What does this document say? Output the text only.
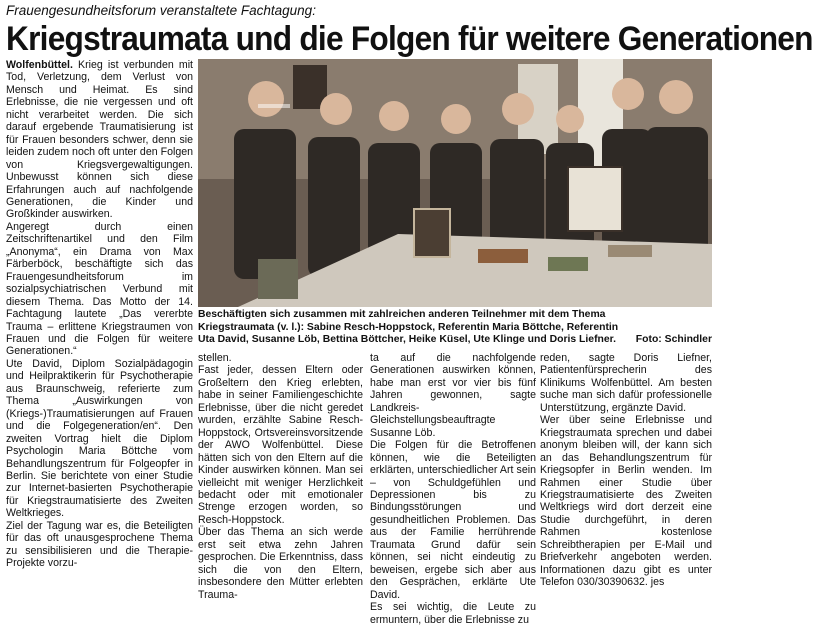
Frauengesundheitsforum veranstaltete Fachtagung:
Kriegstraumata und die Folgen für weitere Generationen
Wolfenbüttel. Krieg ist verbunden mit Tod, Verletzung, dem Verlust von Mensch und Heimat. Es sind Erlebnisse, die nie vergessen und oft nicht verarbeitet werden. Die sich darauf ergebende Traumatisierung ist für Frauen besonders schwer, denn sie leiden zudem noch oft unter den Folgen von Kriegsvergewaltigungen. Unbewusst können sich diese Erfahrungen auch auf nachfolgende Generationen, die Kinder und Großkinder auswirken.
Angeregt durch einen Zeitschriftenartikel und den Film „Anonyma“, ein Drama von Max Färberböck, beschäftigte sich das Frauengesundheitsforum im sozialpsychiatrischen Verbund mit diesem Thema. Das Motto der 14. Fachtagung lautete „Das vererbte Trauma – erlittene Kriegstraumen von Frauen und die Folgen für weitere Generationen.“
Ute David, Diplom Sozialpädagogin und Heilpraktikerin für Psychotherapie aus Braunschweig, referierte zum Thema „Auswirkungen von (Kriegs-)Traumatisierungen auf Frauen und die Folgegeneration/en“. Den zweiten Vortrag hielt die Diplom Psychologin Maria Böttche vom Behandlungszentrum für Folgeopfer in Berlin. Sie berichtete von einer Studie zur Internet-basierten Psychotherapie für Kriegstraumatisierte des Zweiten Weltkrieges.
Ziel der Tagung war es, die Beteiligten für das oft unausgesprochene Thema zu sensibilisieren und die Therapie-Projekte vorzu-
Beschäftigten sich zusammen mit zahlreichen anderen Teilnehmer mit dem Thema Kriegstraumata (v. l.): Sabine Resch-Hoppstock, Referentin Maria Böttche, Referentin Uta David, Susanne Löb, Bettina Böttcher, Heike Küsel, Ute Klinge und Doris Liefner.	Foto: Schindler
stellen.
Fast jeder, dessen Eltern oder Großeltern den Krieg erlebten, habe in seiner Familiengeschichte Erlebnisse, über die nicht geredet wurden, erzählte Sabine Resch-Hoppstock, Ortsvereinsvorsitzende der AWO Wolfenbüttel. Diese hätten sich von den Eltern auf die Kinder auswirken können. Man sei vielleicht mit weniger Herzlichkeit bedacht oder mit emotionaler Strenge erzogen worden, so Resch-Hoppstock.
Über das Thema an sich werde erst seit etwa zehn Jahren gesprochen. Die Erkenntniss, dass sich die von den Eltern, insbesondere den Mütter erlebten Trauma-
ta auf die nachfolgende Generationen auswirken können, habe man erst vor vier bis fünf Jahren gewonnen, sagte Landkreis-Gleichstellungsbeauftragte Susanne Löb.
Die Folgen für die Betroffenen können, wie die Beteiligten erklärten, unterschiedlicher Art sein – von Schuldgefühlen und Depressionen bis zu Bindungsstörungen und gesundheitlichen Problemen. Das aus der Familie herrührende Traumata Grund dafür sein können, sei nicht eindeutig zu beweisen, ergebe sich aber aus den Gesprächen, erklärte Ute David.
Es sei wichtig, die Leute zu ermuntern, über die Erlebnisse zu
reden, sagte Doris Liefner, Patientenfürsprecherin des Klinikums Wolfenbüttel. Am besten suche man sich dafür professionelle Unterstützung, ergänzte David.
Wer über seine Erlebnisse und Kriegstraumata sprechen und dabei anonym bleiben will, der kann sich an das Behandlungszentrum für Kriegsopfer in Berlin wenden. Im Rahmen einer Studie über Kriegstraumatisierte des Zweiten Weltkriegs wird dort derzeit eine Studie durchgeführt, in deren Rahmen kostenlose Schreibtherapien per E-Mail und Briefverkehr angeboten werden. Informationen dazu gibt es unter Telefon 030/30390632. jes
